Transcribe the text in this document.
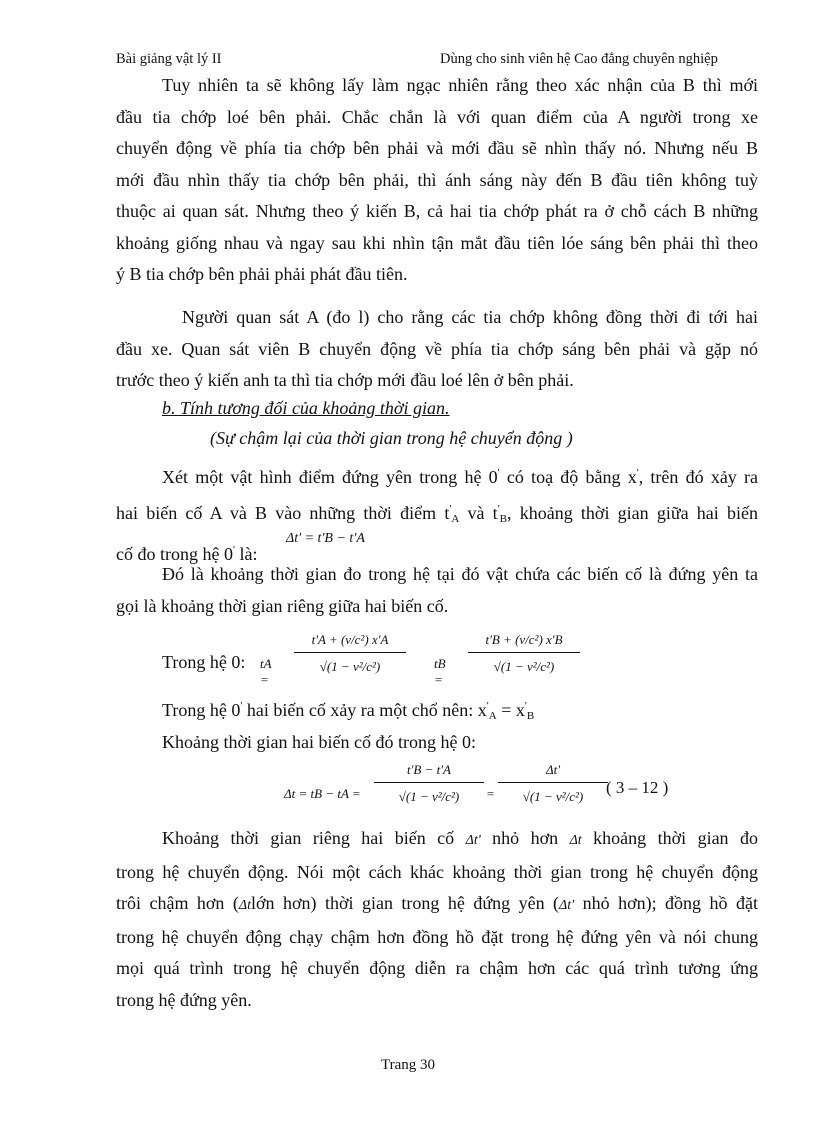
Bài giảng vật lý II	Dùng cho sinh viên hệ Cao đẳng chuyên nghiệp
Tuy nhiên ta sẽ không lấy làm ngạc nhiên rằng theo xác nhận của B thì mới
đầu tia chớp loé bên phải. Chắc chắn là với quan điểm của A người trong xe
chuyển động về phía tia chớp bên phải và mới đầu sẽ nhìn thấy nó. Nhưng nếu B
mới đầu nhìn thấy tia chớp bên phải, thì ánh sáng này đến B đầu tiên không tuỳ
thuộc ai quan sát. Nhưng theo ý kiến B, cả hai tia chớp phát ra ở chỗ cách B những
khoảng giống nhau và ngay sau khi nhìn tận mắt đầu tiên lóe sáng bên phải thì theo
ý B tia chớp bên phải phải phát đầu tiên.
Người quan sát A (đo l) cho rằng các tia chớp không đồng thời đi tới hai
đầu xe. Quan sát viên B chuyển động về phía tia chớp sáng bên phải và gặp nó
trước theo ý kiến anh ta thì tia chớp mới đầu loé lên ở bên phải.
b. Tính tương đối của khoảng thời gian.
(Sự chậm lại của thời gian trong hệ chuyển động )
Xét một vật hình điểm đứng yên trong hệ 0' có toạ độ bằng x', trên đó xảy ra
hai biến cố A và B vào những thời điểm $t'_A$ và $t'_B$, khoảng thời gian giữa hai biến
cố đo trong hệ 0' là:
Δt' = t'B − t'A
Đó là khoảng thời gian đo trong hệ tại đó vật chứa các biến cố là đứng yên ta
gọi là khoảng thời gian riêng giữa hai biến cố.
Trong hệ 0: tA =
$\frac{\text{t'A + (v/c²) x'A}}{\text{√(1 − v²/c²)}}$ tB =
$\frac{\text{t'B + (v/c²) x'B}}{\text{√(1 − v²/c²)}}$
Trong hệ 0' hai biến cố xảy ra một chổ nên: $x'_A = x'_B$
Khoảng thời gian hai biến cố đó trong hệ 0:
Δt = tB − tA =
t'B − t'A
√(1 − v²/c²)	=
Δt'
√(1 − v²/c²)	( 3 – 12 )
Khoảng thời gian riêng hai biến cố Δt' nhỏ hơn Δt khoảng thời gian đo
trong hệ chuyển động. Nói một cách khác khoảng thời gian trong hệ chuyển động
trôi chậm hơn (Δtlớn hơn) thời gian trong hệ đứng yên (Δt' nhỏ hơn); đồng hồ đặt
trong hệ chuyển động chạy chậm hơn đồng hồ đặt trong hệ đứng yên và nói chung
mọi quá trình trong hệ chuyển động diễn ra chậm hơn các quá trình tương ứng
trong hệ đứng yên.
Trang 30
